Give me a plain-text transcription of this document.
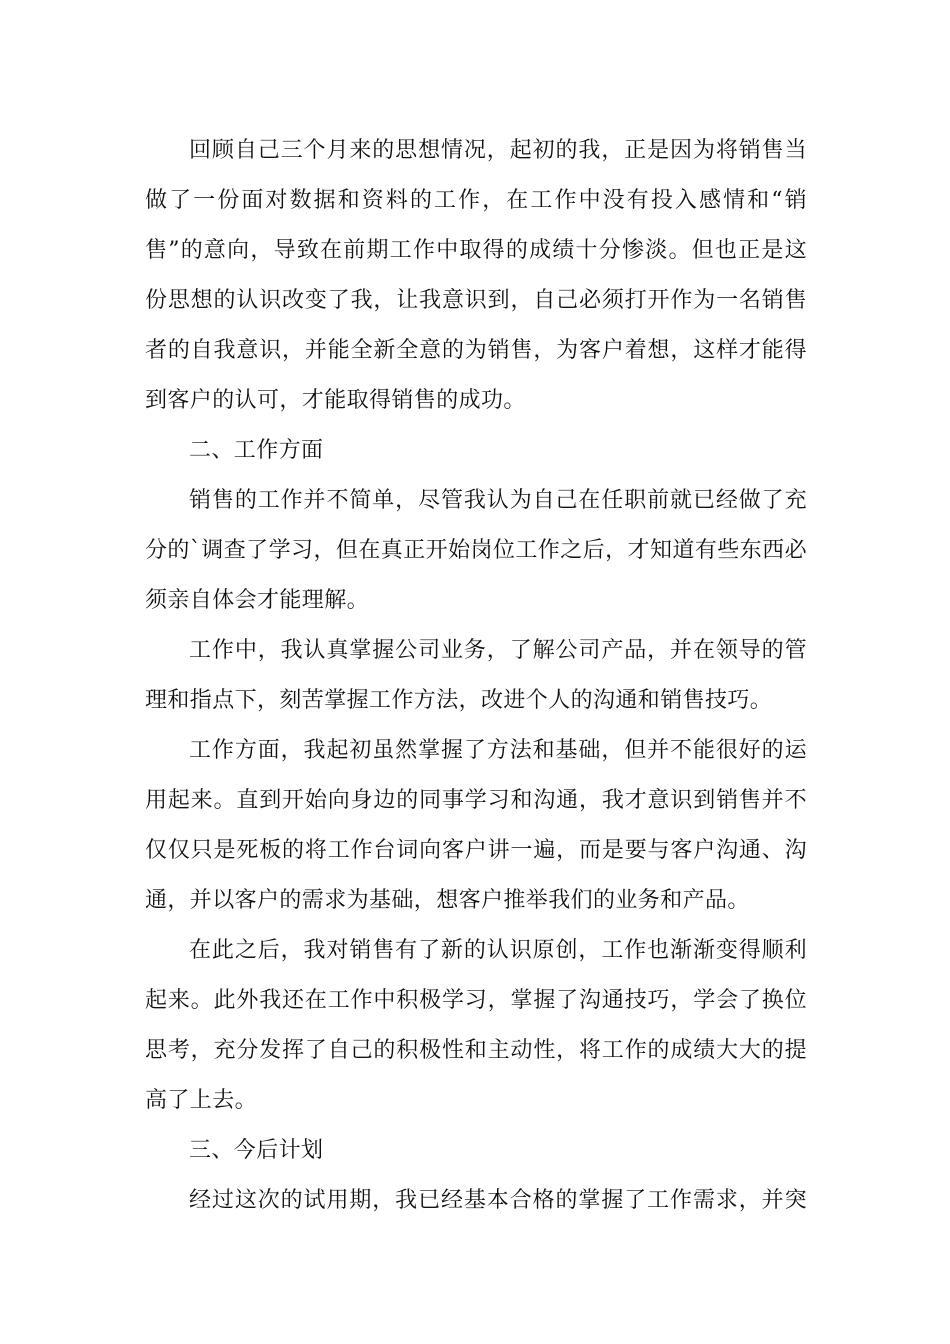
回顾自己三个月来的思想情况，起初的我，正是因为将销售当
做了一份面对数据和资料的工作，在工作中没有投入感情和“销
售”的意向，导致在前期工作中取得的成绩十分惨淡。但也正是这
份思想的认识改变了我，让我意识到，自己必须打开作为一名销售
者的自我意识，并能全新全意的为销售，为客户着想，这样才能得
到客户的认可，才能取得销售的成功。
二、工作方面
销售的工作并不简单，尽管我认为自己在任职前就已经做了充
分的`调查了学习，但在真正开始岗位工作之后，才知道有些东西必
须亲自体会才能理解。
工作中，我认真掌握公司业务，了解公司产品，并在领导的管
理和指点下，刻苦掌握工作方法，改进个人的沟通和销售技巧。
工作方面，我起初虽然掌握了方法和基础，但并不能很好的运
用起来。直到开始向身边的同事学习和沟通，我才意识到销售并不
仅仅只是死板的将工作台词向客户讲一遍，而是要与客户沟通、沟
通，并以客户的需求为基础，想客户推举我们的业务和产品。
在此之后，我对销售有了新的认识原创，工作也渐渐变得顺利
起来。此外我还在工作中积极学习，掌握了沟通技巧，学会了换位
思考，充分发挥了自己的积极性和主动性，将工作的成绩大大的提
高了上去。
三、今后计划
经过这次的试用期，我已经基本合格的掌握了工作需求，并突
